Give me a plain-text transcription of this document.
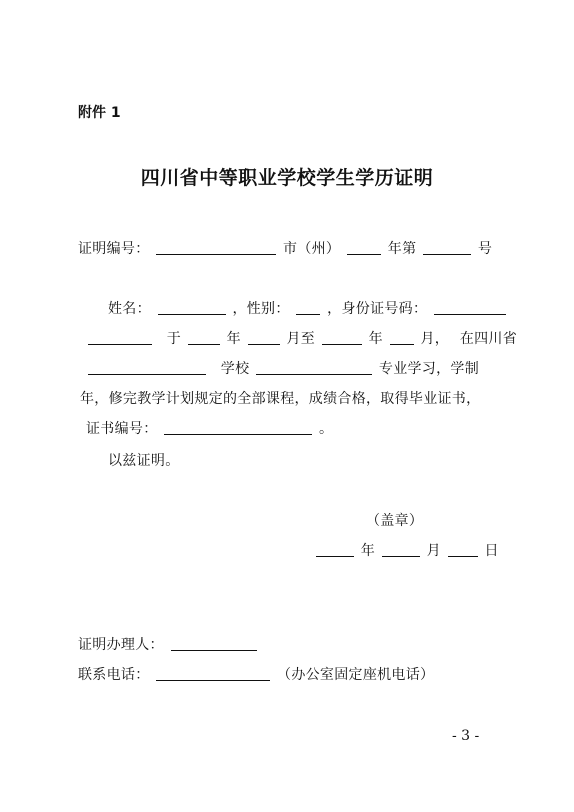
附件 1
四川省中等职业学校学生学历证明
证明编号：	市（州）	年第	号
姓名：	，性别：	，身份证号码：
于	年	月至	年	月， 在四川省
学校	专业学习，学制
年，修完教学计划规定的全部课程，成绩合格，取得毕业证书，
证书编号：	。
以兹证明。
（盖章）
年	月	日
证明办理人：
联系电话：	（办公室固定座机电话）
- 3 -
